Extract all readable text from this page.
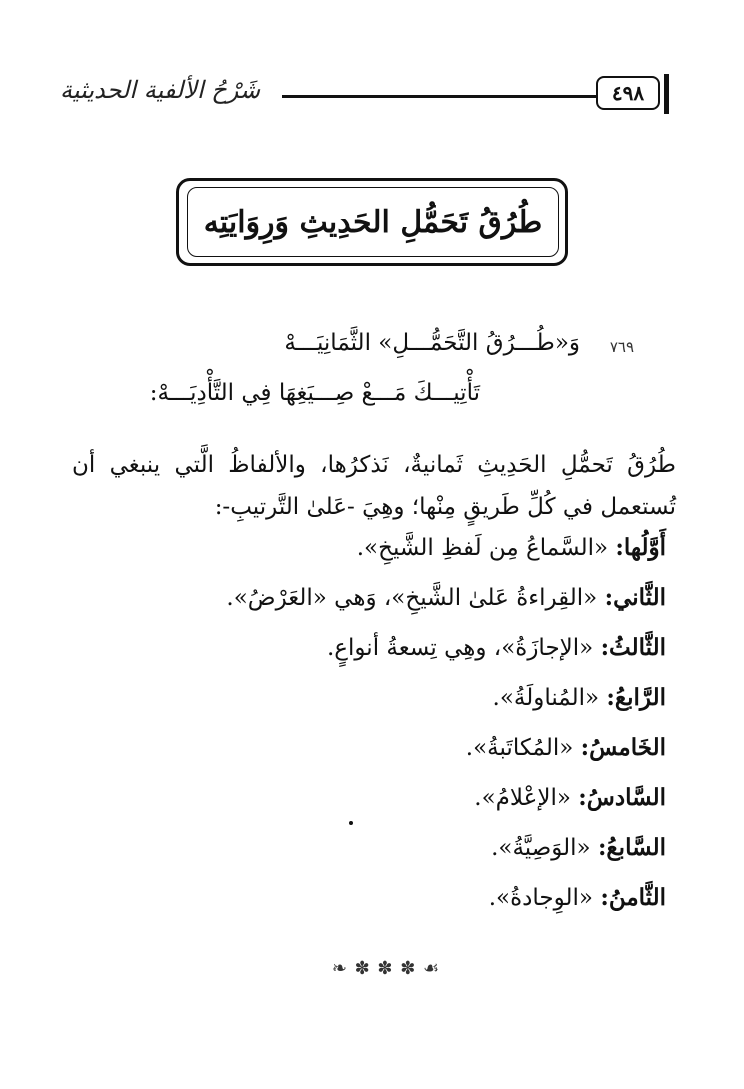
شَرْحُ الألفية الحديثية	٤٩٨
طُرُقُ تَحَمُّلِ الحَدِيثِ وَرِوَايَتِه
٧٦٩
وَ«طُـــرُقُ التَّحَمُّـــلِ» الثَّمَانِيَـــهْ
تَأْتِيـــكَ مَـــعْ صِـــيَغِهَا فِي التَّأْدِيَـــهْ:
طُرُقُ تَحمُّلِ الحَدِيثِ ثَمانيةٌ، نَذكرُها، والألفاظُ الَّتي ينبغي أن تُستعمل في كُلِّ طَريقٍ مِنْها؛ وهِيَ -عَلىٰ التَّرتيبِ-:
أَوَّلُها: «السَّماعُ مِن لَفظِ الشَّيخِ».
الثَّاني: «القِراءةُ عَلىٰ الشَّيخِ»، وَهي «العَرْضُ».
الثَّالثُ: «الإجازَةُ»، وهِي تِسعةُ أنواعٍ.
الرَّابعُ: «المُناولَةُ».
الخَامسُ: «المُكاتَبةُ».
السَّادسُ: «الإعْلامُ».
السَّابعُ: «الوَصِيَّةُ».
الثَّامنُ: «الوِجادةُ».
❧ ✽ ✽ ✽ ☙
